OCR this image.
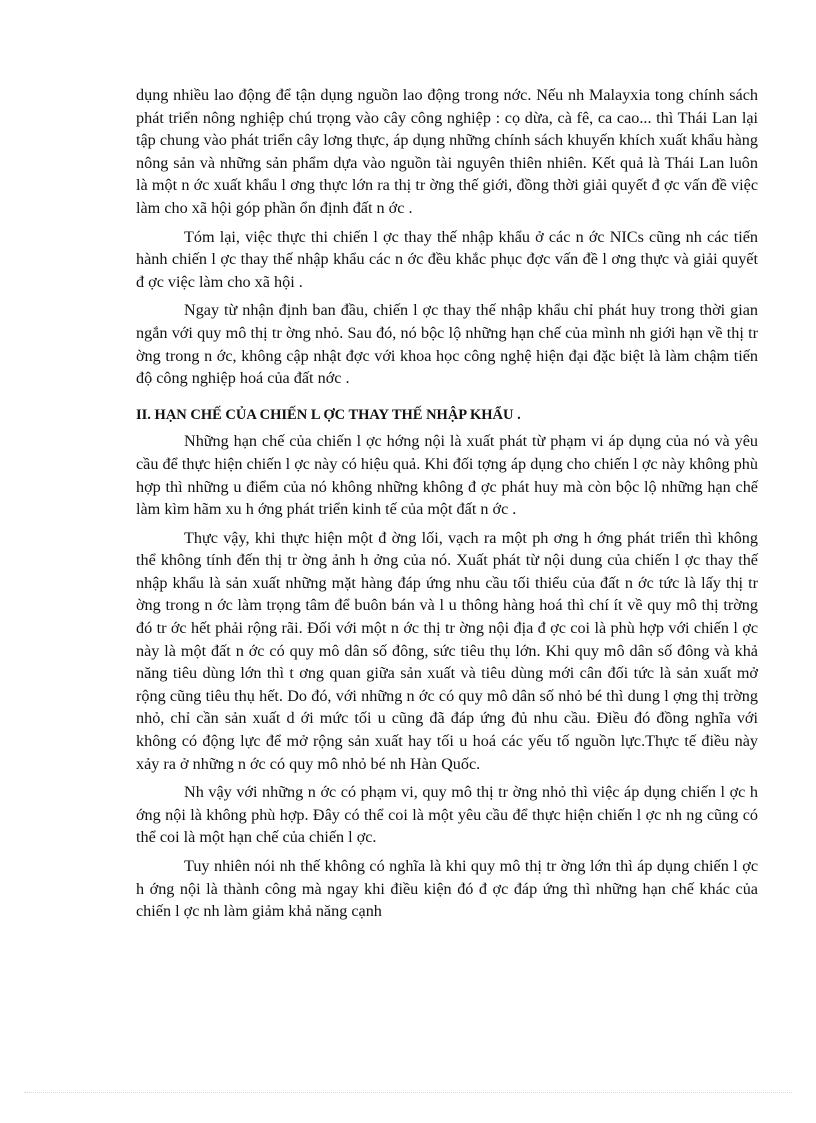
dụng nhiều lao động để tận dụng nguồn lao động trong nớc. Nếu nh Malayxia tong chính sách phát triển nông nghiệp chú trọng vào cây công nghiệp : cọ dừa, cà fê, ca cao... thì Thái Lan lại tập chung vào phát triển cây lơng thực, áp dụng những chính sách khuyến khích xuất khẩu hàng nông sản và những sản phẩm dựa vào nguồn tài nguyên thiên nhiên. Kết quả là Thái Lan luôn là một n ớc xuất khẩu l ơng thực lớn ra thị tr ờng thế giới, đồng thời giải quyết đ ợc vấn đề việc làm cho xã hội góp phần ổn định đất n ớc .

Tóm lại, việc thực thi chiến l ợc thay thế nhập khẩu ở các n ớc NICs cũng nh các tiến hành chiến l ợc thay thế nhập khẩu các n ớc đều khắc phục đợc vấn đề l ơng thực và giải quyết đ ợc việc làm cho xã hội .

Ngay từ nhận định ban đầu, chiến l ợc thay thế nhập khẩu chỉ phát huy trong thời gian ngắn với quy mô thị tr ờng nhỏ. Sau đó, nó bộc lộ những hạn chế của mình nh giới hạn về thị tr ờng trong n ớc, không cập nhật đợc với khoa học công nghệ hiện đại đặc biệt là làm chậm tiến độ công nghiệp hoá của đất nớc .

II. HẠN CHẾ CỦA CHIẾN L ỢC THAY THẾ NHẬP KHẨU .

Những hạn chế của chiến l ợc hớng nội là xuất phát từ phạm vi áp dụng của nó và yêu cầu để thực hiện chiến l ợc này có hiệu quả. Khi đối tợng áp dụng cho chiến l ợc này không phù hợp thì những u điểm của nó không những không đ ợc phát huy mà còn bộc lộ những hạn chế làm kìm hãm xu h ớng phát triển kinh tế của một đất n ớc .

Thực vậy, khi thực hiện một đ ờng lối, vạch ra một ph ơng h ớng phát triển thì không thể không tính đến thị tr ờng ảnh h ởng của nó. Xuất phát từ nội dung của chiến l ợc thay thế nhập khẩu là sản xuất những mặt hàng đáp ứng nhu cầu tối thiểu của đất n ớc tức là lấy thị tr ờng trong n ớc làm trọng tâm để buôn bán và l u thông hàng hoá thì chí ít về quy mô thị trờng đó tr ớc hết phải rộng rãi. Đối với một n ớc thị tr ờng nội địa đ ợc coi là phù hợp với chiến l ợc này là một đất n ớc có quy mô dân số đông, sức tiêu thụ lớn. Khi quy mô dân số đông và khả năng tiêu dùng lớn thì t ơng quan giữa sản xuất và tiêu dùng mới cân đối tức là sản xuất mở rộng cũng tiêu thụ hết. Do đó, với những n ớc có quy mô dân số nhỏ bé thì dung l ợng thị trờng nhỏ, chỉ cần sản xuất d ới mức tối u cũng đã đáp ứng đủ nhu cầu. Điều đó đồng nghĩa với không có động lực để mở rộng sản xuất hay tối u hoá các yếu tố nguồn lực.Thực tế điều này xảy ra ở những n ớc có quy mô nhỏ bé nh Hàn Quốc.

Nh vậy với những n ớc có phạm vi, quy mô thị tr ờng nhỏ thì việc áp dụng chiến l ợc h ớng nội là không phù hợp. Đây có thể coi là một yêu cầu để thực hiện chiến l ợc nh ng cũng có thể coi là một hạn chế của chiến l ợc.

Tuy nhiên nói nh thế không có nghĩa là khi quy mô thị tr ờng lớn thì áp dụng chiến l ợc h ớng nội là thành công mà ngay khi điều kiện đó đ ợc đáp ứng thì những hạn chế khác của chiến l ợc nh làm giảm khả năng cạnh
